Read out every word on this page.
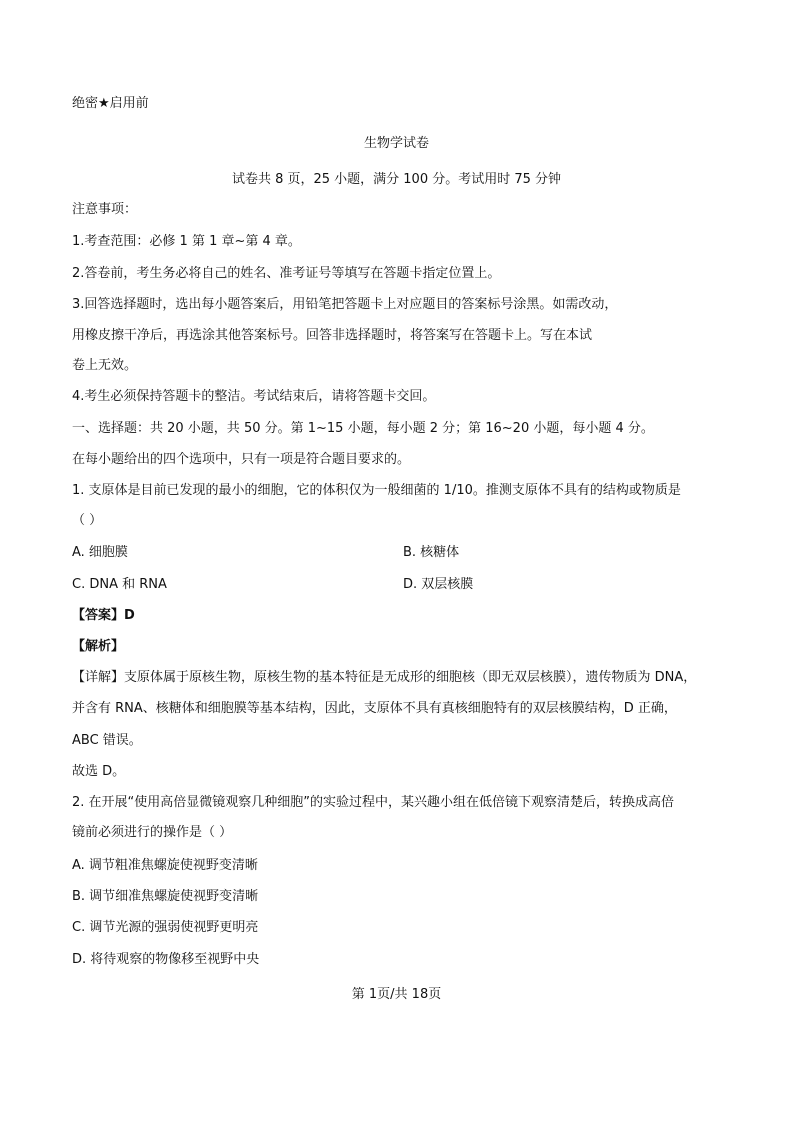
绝密★启用前
生物学试卷
试卷共 8 页，25 小题，满分 100 分。考试用时 75 分钟
注意事项：
1.考查范围：必修 1 第 1 章~第 4 章。
2.答卷前，考生务必将自己的姓名、准考证号等填写在答题卡指定位置上。
3.回答选择题时，选出每小题答案后，用铅笔把答题卡上对应题目的答案标号涂黑。如需改动，
用橡皮擦干净后，再选涂其他答案标号。回答非选择题时，将答案写在答题卡上。写在本试
卷上无效。
4.考生必须保持答题卡的整洁。考试结束后，请将答题卡交回。
一、选择题：共 20 小题，共 50 分。第 1~15 小题，每小题 2 分；第 16~20 小题，每小题 4 分。
在每小题给出的四个选项中，只有一项是符合题目要求的。
1. 支原体是目前已发现的最小的细胞，它的体积仅为一般细菌的 1/10。推测支原体不具有的结构或物质是
（ ）
A. 细胞膜	B. 核糖体
C. DNA 和 RNA	D. 双层核膜
【答案】D
【解析】
【详解】支原体属于原核生物，原核生物的基本特征是无成形的细胞核（即无双层核膜），遗传物质为 DNA，
并含有 RNA、核糖体和细胞膜等基本结构，因此，支原体不具有真核细胞特有的双层核膜结构，D 正确，
ABC 错误。
故选 D。
2. 在开展“使用高倍显微镜观察几种细胞”的实验过程中，某兴趣小组在低倍镜下观察清楚后，转换成高倍
镜前必须进行的操作是（ ）
A. 调节粗准焦螺旋使视野变清晰
B. 调节细准焦螺旋使视野变清晰
C. 调节光源的强弱使视野更明亮
D. 将待观察的物像移至视野中央
第 1页/共 18页
